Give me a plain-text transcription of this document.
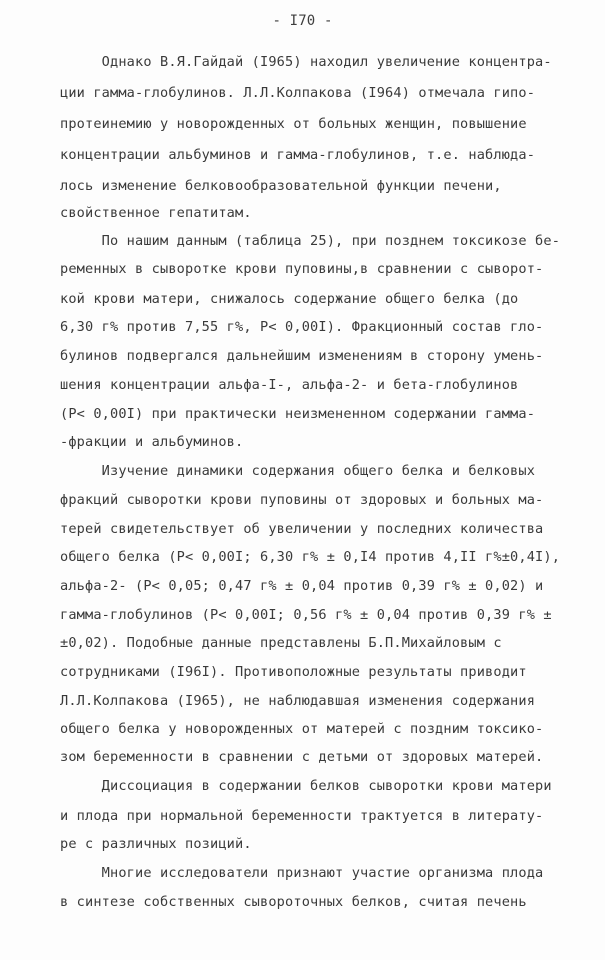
- I70 -
Однако В.Я.Гайдай (I965) находил увеличение концентра-
ции гамма-глобулинов. Л.Л.Колпакова (I964) отмечала гипо-
протеинемию у новорожденных от больных женщин, повышение
концентрации альбуминов и гамма-глобулинов, т.е. наблюда-
лось изменение белковообразовательной функции печени,
свойственное гепатитам.
По нашим данным (таблица 25), при позднем токсикозе бе-
ременных в сыворотке крови пуповины,в сравнении с сыворот-
кой крови матери, снижалось содержание общего белка (до
6,30 г% против 7,55 г%, P< 0,00I). Фракционный состав гло-
булинов подвергался дальнейшим изменениям в сторону умень-
шения концентрации альфа-I-, альфа-2- и бета-глобулинов
(P< 0,00I) при практически неизмененном содержании гамма-
-фракции и альбуминов.
Изучение динамики содержания общего белка и белковых
фракций сыворотки крови пуповины от здоровых и больных ма-
терей свидетельствует об увеличении у последних количества
общего белка (P< 0,00I; 6,30 г% ± 0,I4 против 4,II г%±0,4I),
альфа-2- (P< 0,05; 0,47 г% ± 0,04 против 0,39 г% ± 0,02) и
гамма-глобулинов (P< 0,00I; 0,56 г% ± 0,04 против 0,39 г% ±
±0,02). Подобные данные представлены Б.П.Михайловым с
сотрудниками (I96I). Противоположные результаты приводит
Л.Л.Колпакова (I965), не наблюдавшая изменения содержания
общего белка у новорожденных от матерей с поздним токсико-
зом беременности в сравнении с детьми от здоровых матерей.
Диссоциация в содержании белков сыворотки крови матери
и плода при нормальной беременности трактуется в литерату-
ре с различных позиций.
Многие исследователи признают участие организма плода
в синтезе собственных сывороточных белков, считая печень
